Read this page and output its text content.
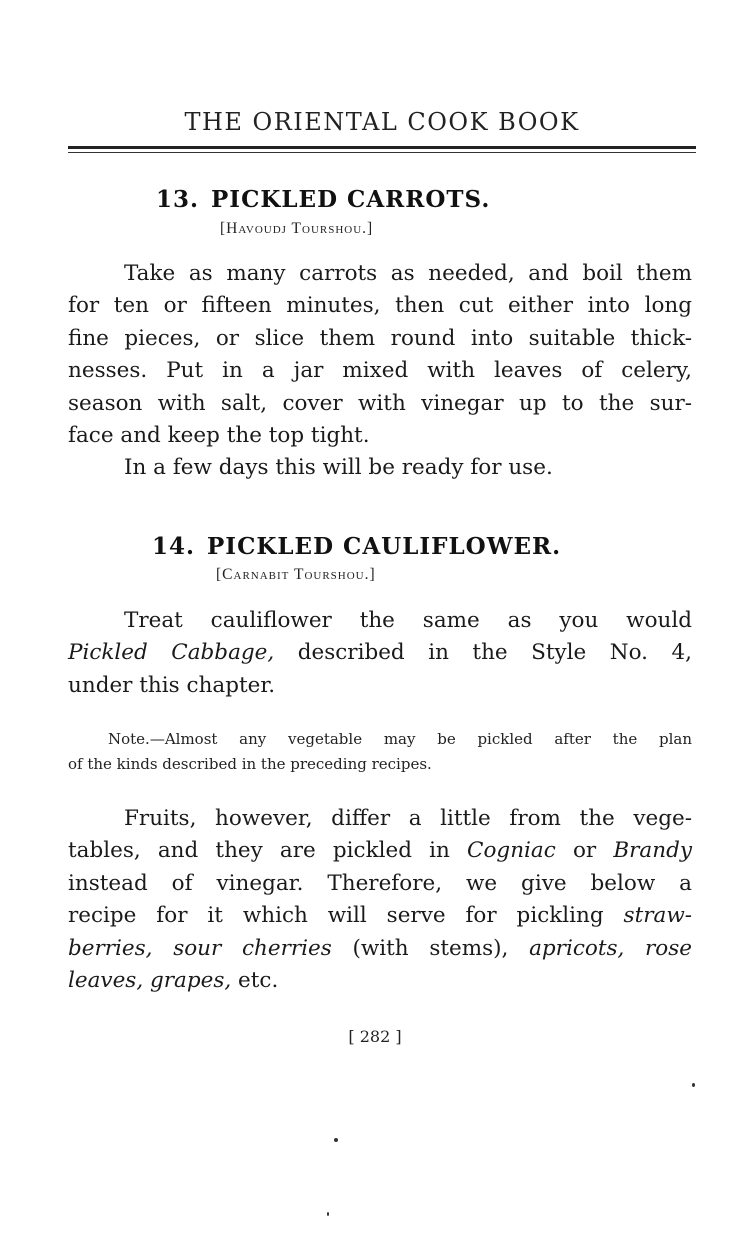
THE ORIENTAL COOK BOOK
13. PICKLED CARROTS.
[Havoudj Tourshou.]
Take as many carrots as needed, and boil them
for ten or fifteen minutes, then cut either into long
fine pieces, or slice them round into suitable thick-
nesses. Put in a jar mixed with leaves of celery,
season with salt, cover with vinegar up to the sur-
face and keep the top tight.
In a few days this will be ready for use.
14. PICKLED CAULIFLOWER.
[Carnabit Tourshou.]
Treat cauliflower the same as you would
Pickled Cabbage, described in the Style No. 4,
under this chapter.
Note.—Almost any vegetable may be pickled after the plan
of the kinds described in the preceding recipes.
Fruits, however, differ a little from the vege-
tables, and they are pickled in Cogniac or Brandy
instead of vinegar. Therefore, we give below a
recipe for it which will serve for pickling straw-
berries, sour cherries (with stems), apricots, rose
leaves, grapes, etc.
[ 282 ]
